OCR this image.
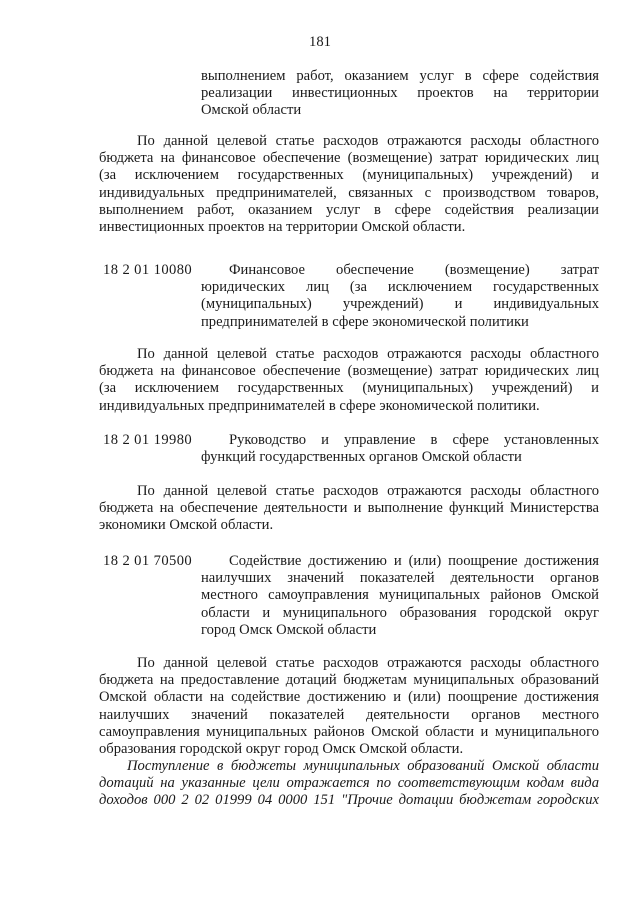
181
выполнением работ, оказанием услуг в сфере содействия
реализации инвестиционных проектов на территории
Омской области
По данной целевой статье расходов отражаются расходы областного
бюджета на финансовое обеспечение (возмещение) затрат юридических лиц
(за исключением государственных (муниципальных) учреждений) и
индивидуальных предпринимателей, связанных с производством товаров,
выполнением работ, оказанием услуг в сфере содействия реализации
инвестиционных проектов на территории Омской области.
18 2 01 10080	Финансовое обеспечение (возмещение) затрат
юридических лиц (за исключением государственных
(муниципальных) учреждений) и индивидуальных
предпринимателей в сфере экономической политики
По данной целевой статье расходов отражаются расходы областного
бюджета на финансовое обеспечение (возмещение) затрат юридических лиц
(за исключением государственных (муниципальных) учреждений) и
индивидуальных предпринимателей в сфере экономической политики.
18 2 01 19980	Руководство и управление в сфере установленных
функций государственных органов Омской области
По данной целевой статье расходов отражаются расходы областного
бюджета на обеспечение деятельности и выполнение функций Министерства
экономики Омской области.
18 2 01 70500	Содействие достижению и (или) поощрение достижения
наилучших значений показателей деятельности органов
местного самоуправления муниципальных районов Омской
области и муниципального образования городской округ
город Омск Омской области
По данной целевой статье расходов отражаются расходы областного
бюджета на предоставление дотаций бюджетам муниципальных образований
Омской области на содействие достижению и (или) поощрение достижения
наилучших значений показателей деятельности органов местного
самоуправления муниципальных районов Омской области и муниципального
образования городской округ город Омск Омской области.
Поступление в бюджеты муниципальных образований Омской области
дотаций на указанные цели отражается по соответствующим кодам вида
доходов 000 2 02 01999 04 0000 151 "Прочие дотации бюджетам городских
